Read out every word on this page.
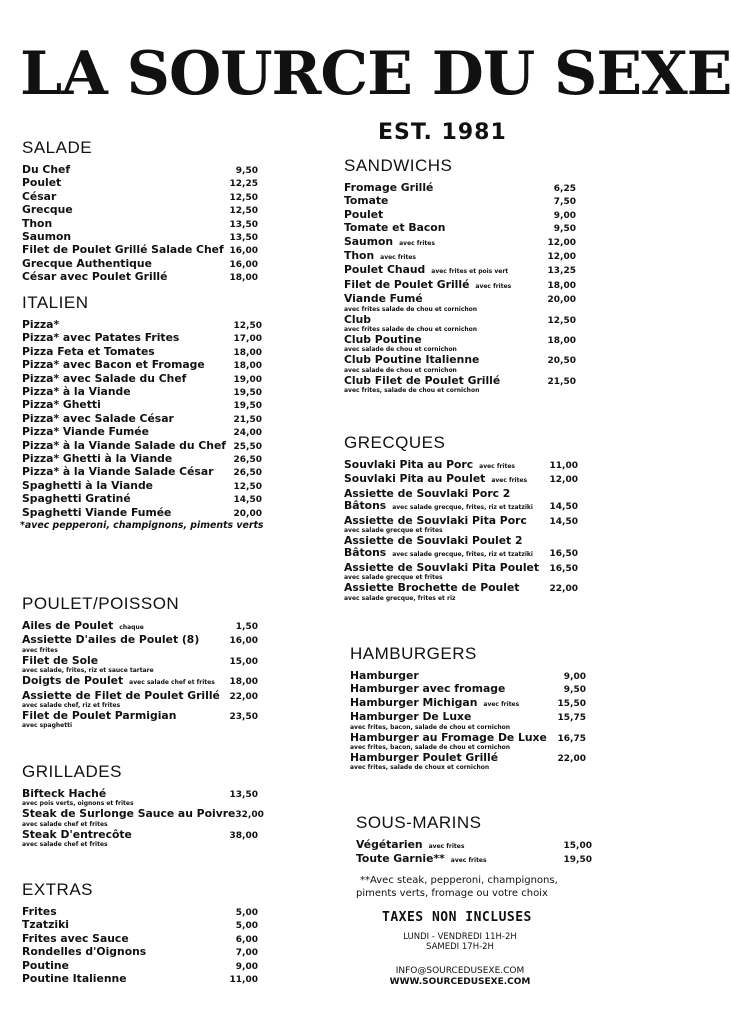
LA SOURCE DU SEXE
EST. 1981
SALADE
Du Chef	9,50
Poulet	12,25
César	12,50
Grecque	12,50
Thon	13,50
Saumon	13,50
Filet de Poulet Grillé Salade Chef 16,00
Grecque Authentique	16,00
César avec Poulet Grillé	18,00
ITALIEN
Pizza*	12,50
Pizza* avec Patates Frites	17,00
Pizza Feta et Tomates	18,00
Pizza* avec Bacon et Fromage	18,00
Pizza* avec Salade du Chef	19,00
Pizza* à la Viande	19,50
Pizza* Ghetti	19,50
Pizza* avec Salade César	21,50
Pizza* Viande Fumée	24,00
Pizza* à la Viande Salade du Chef 25,50
Pizza* Ghetti à la Viande	26,50
Pizza* à la Viande Salade César	26,50
Spaghetti à la Viande	12,50
Spaghetti Gratiné	14,50
Spaghetti Viande Fumée	20,00
*avec pepperoni, champignons, piments verts
POULET/POISSON
Ailes de Poulet chaque	1,50
Assiette D'ailes de Poulet (8)	16,00
avec frites
Filet de Sole	15,00
avec salade, frites, riz et sauce tartare
Doigts de Poulet avec salade chef et frites	18,00
Assiette de Filet de Poulet Grillé	22,00
avec salade chef, riz et frites
Filet de Poulet Parmigian	23,50
avec spaghetti
GRILLADES
Bifteck Haché	13,50
avec pois verts, oignons et frites
Steak de Surlonge Sauce au Poivre 32,00
avec salade chef et frites
Steak D'entrecôte	38,00
avec salade chef et frites
EXTRAS
Frites	5,00
Tzatziki	5,00
Frites avec Sauce	6,00
Rondelles d'Oignons	7,00
Poutine	9,00
Poutine Italienne	11,00
SANDWICHS
Fromage Grillé	6,25
Tomate	7,50
Poulet	9,00
Tomate et Bacon	9,50
Saumon avec frites	12,00
Thon avec frites	12,00
Poulet Chaud avec frites et pois vert	13,25
Filet de Poulet Grillé avec frites	18,00
Viande Fumé	20,00
avec frites salade de chou et cornichon
Club	12,50
avec frites salade de chou et cornichon
Club Poutine	18,00
avec salade de chou et cornichon
Club Poutine Italienne	20,50
avec salade de chou et cornichon
Club Filet de Poulet Grillé	21,50
avec frites, salade de chou et cornichon
GRECQUES
Souvlaki Pita au Porc avec frites	11,00
Souvlaki Pita au Poulet avec frites	12,00
Assiette de Souvlaki Porc 2
Bâtons avec salade grecque, frites, riz et tzatziki	14,50
Assiette de Souvlaki Pita Porc	14,50
avec salade grecque et frites
Assiette de Souvlaki Poulet 2
Bâtons avec salade grecque, frites, riz et tzatziki	16,50
Assiette de Souvlaki Pita Poulet	16,50
avec salade grecque et frites
Assiette Brochette de Poulet	22,00
avec salade grecque, frites et riz
HAMBURGERS
Hamburger	9,00
Hamburger avec fromage	9,50
Hamburger Michigan avec frites	15,50
Hamburger De Luxe	15,75
avec frites, bacon, salade de chou et cornichon
Hamburger au Fromage De Luxe	16,75
avec frites, bacon, salade de chou et cornichon
Hamburger Poulet Grillé	22,00
avec frites, salade de choux et cornichon
SOUS-MARINS
Végétarien avec frites	15,00
Toute Garnie** avec frites	19,50
**Avec steak, pepperoni, champignons,
piments verts, fromage ou votre choix
TAXES NON INCLUSES
LUNDI - VENDREDI 11H-2H
SAMEDI 17H-2H
INFO@SOURCEDUSEXE.COM
WWW.SOURCEDUSEXE.COM
